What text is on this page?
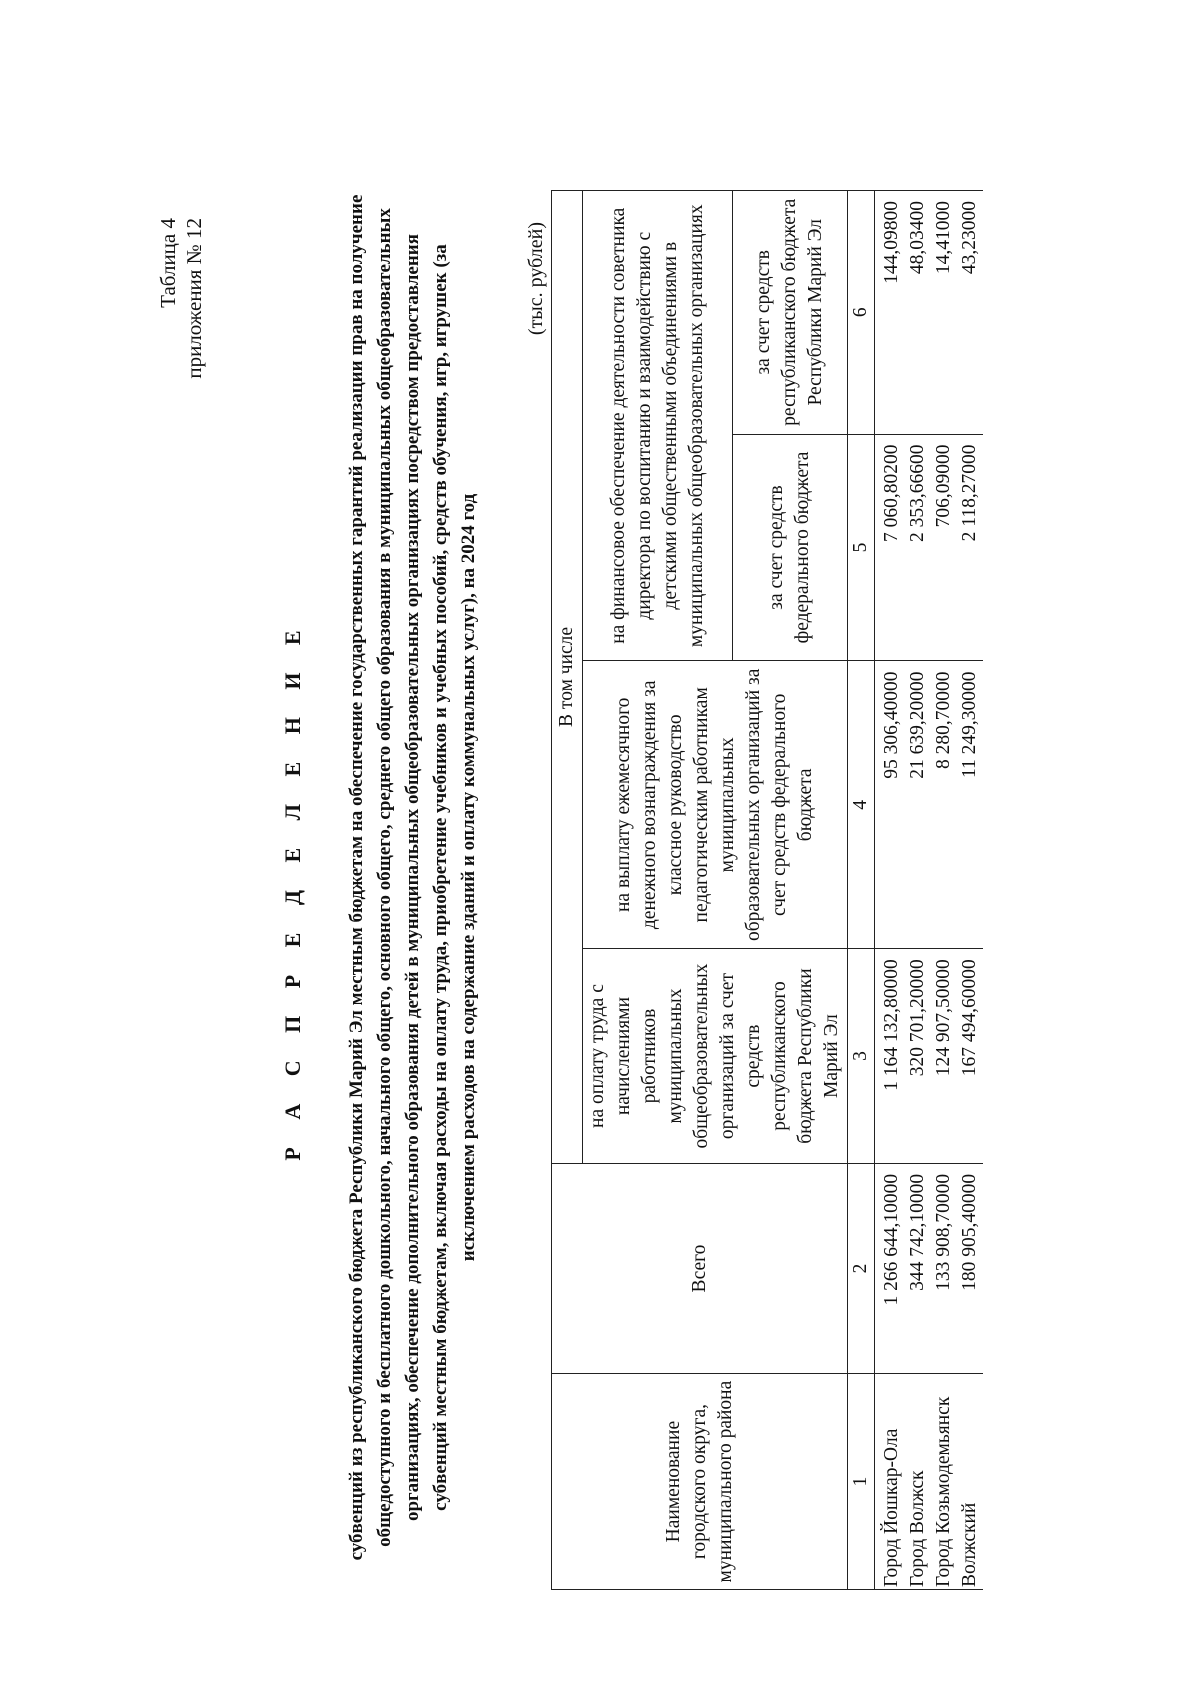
Таблица 4 приложения № 12
Р А С П Р Е Д Е Л Е Н И Е субвенций из республиканского бюджета Республики Марий Эл местным бюджетам на обеспечение государственных гарантий реализации прав на получение общедоступного и бесплатного дошкольного, начального общего, основного общего, среднего общего образования в муниципальных общеобразовательных организациях, обеспечение дополнительного образования детей в муниципальных общеобразовательных организациях посредством предоставления субвенций местным бюджетам, включая расходы на оплату труда, приобретение учебников и учебных пособий, средств обучения, игр, игрушек (за исключением расходов на содержание зданий и оплату коммунальных услуг), на 2024 год
(тыс. рублей)
Наименование городского округа, муниципального района	Всего	В том числе			
		на оплату труда с начислениями работников муниципальных общеобразовательных организаций за счет средств республиканского бюджета Республики Марий Эл	на выплату ежемесячного денежного вознаграждения за классное руководство педагогическим работникам муниципальных образовательных организаций за счет средств федерального бюджета	на финансовое обеспечение деятельности советника директора по воспитанию и взаимодействию с детскими общественными объединениями в муниципальных общеобразовательных организациях	
				за счет средств федерального бюджета	за счет средств республиканского бюджета Республики Марий Эл
1	2	3	4	5	6
Город Йошкар-Ола	1 266 644,10000	1 164 132,80000	95 306,40000	7 060,80200	144,09800
Город Волжск	344 742,10000	320 701,20000	21 639,20000	2 353,66600	48,03400
Город Козьмодемьянск	133 908,70000	124 907,50000	8 280,70000	706,09000	14,41000
Волжский	180 905,40000	167 494,60000	11 249,30000	2 118,27000	43,23000
